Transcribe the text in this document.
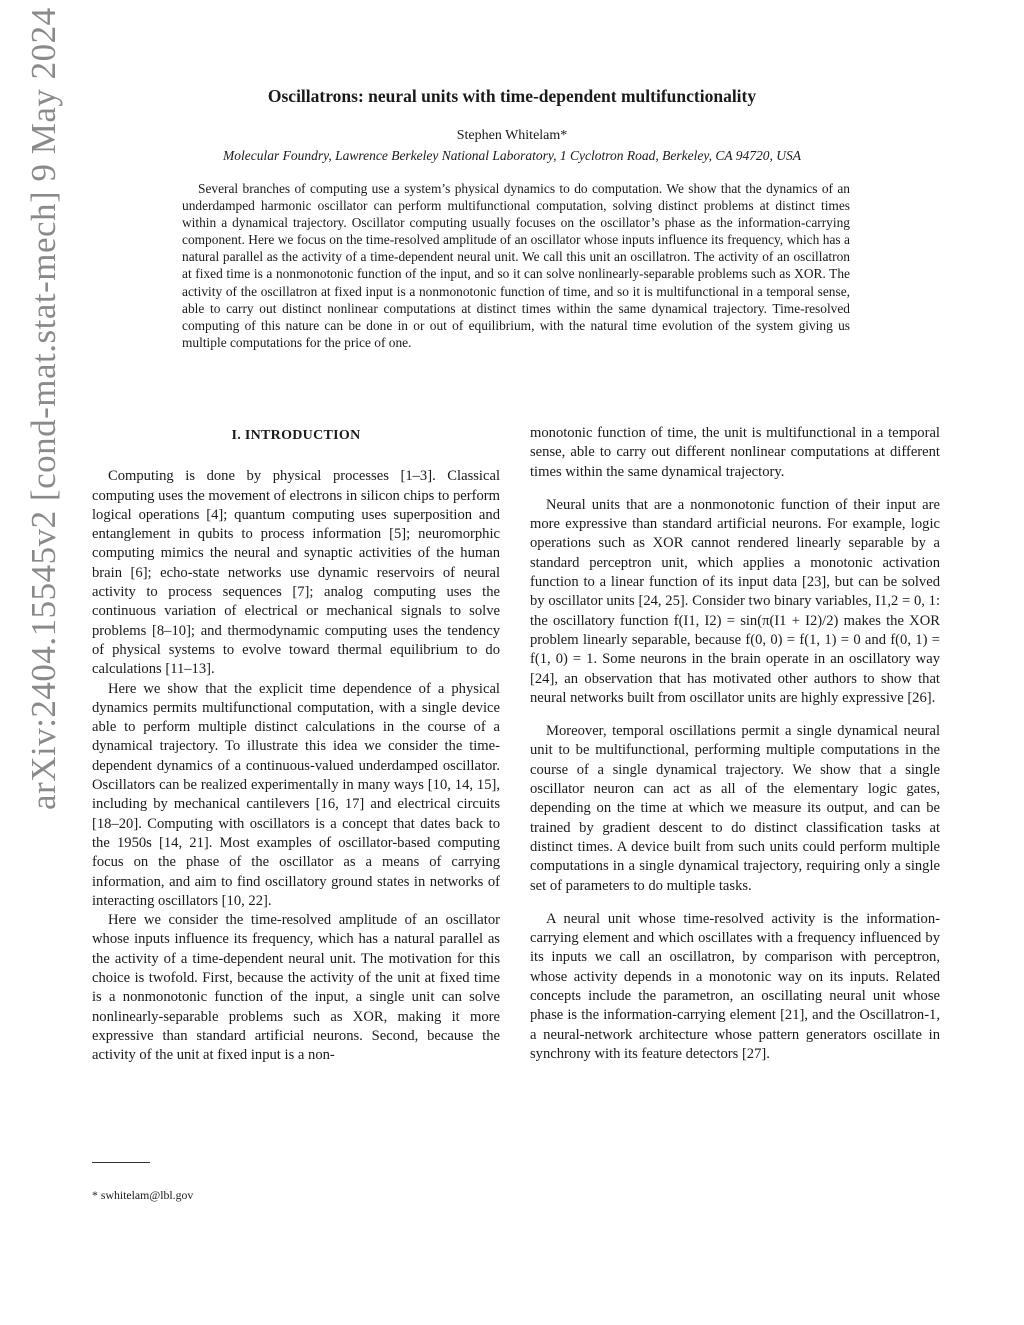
arXiv:2404.15545v2 [cond-mat.stat-mech] 9 May 2024	Oscillatrons: neural units with time-dependent multifunctionality
Stephen Whitelam*
Molecular Foundry, Lawrence Berkeley National Laboratory, 1 Cyclotron Road, Berkeley, CA 94720, USA
Several branches of computing use a system’s physical dynamics to do computation. We show that the dynamics of an underdamped harmonic oscillator can perform multifunctional computation, solving distinct problems at distinct times within a dynamical trajectory. Oscillator computing usually focuses on the oscillator’s phase as the information-carrying component. Here we focus on the time-resolved amplitude of an oscillator whose inputs influence its frequency, which has a natural parallel as the activity of a time-dependent neural unit. We call this unit an oscillatron. The activity of an oscillatron at fixed time is a nonmonotonic function of the input, and so it can solve nonlinearly-separable problems such as XOR. The activity of the oscillatron at fixed input is a nonmonotonic function of time, and so it is multifunctional in a temporal sense, able to carry out distinct nonlinear computations at distinct times within the same dynamical trajectory. Time-resolved computing of this nature can be done in or out of equilibrium, with the natural time evolution of the system giving us multiple computations for the price of one.
I. INTRODUCTION

Computing is done by physical processes [1–3]. Classical computing uses the movement of electrons in silicon chips to perform logical operations [4]; quantum computing uses superposition and entanglement in qubits to process information [5]; neuromorphic computing mimics the neural and synaptic activities of the human brain [6]; echo-state networks use dynamic reservoirs of neural activity to process sequences [7]; analog computing uses the continuous variation of electrical or mechanical signals to solve problems [8–10]; and thermodynamic computing uses the tendency of physical systems to evolve toward thermal equilibrium to do calculations [11–13].

Here we show that the explicit time dependence of a physical dynamics permits multifunctional computation, with a single device able to perform multiple distinct calculations in the course of a dynamical trajectory. To illustrate this idea we consider the time-dependent dynamics of a continuous-valued underdamped oscillator. Oscillators can be realized experimentally in many ways [10, 14, 15], including by mechanical cantilevers [16, 17] and electrical circuits [18–20]. Computing with oscillators is a concept that dates back to the 1950s [14, 21]. Most examples of oscillator-based computing focus on the phase of the oscillator as a means of carrying information, and aim to find oscillatory ground states in networks of interacting oscillators [10, 22].

Here we consider the time-resolved amplitude of an oscillator whose inputs influence its frequency, which has a natural parallel as the activity of a time-dependent neural unit. The motivation for this choice is twofold. First, because the activity of the unit at fixed time is a nonmonotonic function of the input, a single unit can solve nonlinearly-separable problems such as XOR, making it more expressive than standard artificial neurons. Second, because the activity of the unit at fixed input is a non-

monotonic function of time, the unit is multifunctional in a temporal sense, able to carry out different nonlinear computations at different times within the same dynamical trajectory.

Neural units that are a nonmonotonic function of their input are more expressive than standard artificial neurons. For example, logic operations such as XOR cannot rendered linearly separable by a standard perceptron unit, which applies a monotonic activation function to a linear function of its input data [23], but can be solved by oscillator units [24, 25]. Consider two binary variables, I1,2 = 0, 1: the oscillatory function f(I1, I2) = sin(π(I1 + I2)/2) makes the XOR problem linearly separable, because f(0, 0) = f(1, 1) = 0 and f(0, 1) = f(1, 0) = 1. Some neurons in the brain operate in an oscillatory way [24], an observation that has motivated other authors to show that neural networks built from oscillator units are highly expressive [26].

Moreover, temporal oscillations permit a single dynamical neural unit to be multifunctional, performing multiple computations in the course of a single dynamical trajectory. We show that a single oscillator neuron can act as all of the elementary logic gates, depending on the time at which we measure its output, and can be trained by gradient descent to do distinct classification tasks at distinct times. A device built from such units could perform multiple computations in a single dynamical trajectory, requiring only a single set of parameters to do multiple tasks.

A neural unit whose time-resolved activity is the information-carrying element and which oscillates with a frequency influenced by its inputs we call an oscillatron, by comparison with perceptron, whose activity depends in a monotonic way on its inputs. Related concepts include the parametron, an oscillating neural unit whose phase is the information-carrying element [21], and the Oscillatron-1, a neural-network architecture whose pattern generators oscillate in synchrony with its feature detectors [27].

* swhitelam@lbl.gov
